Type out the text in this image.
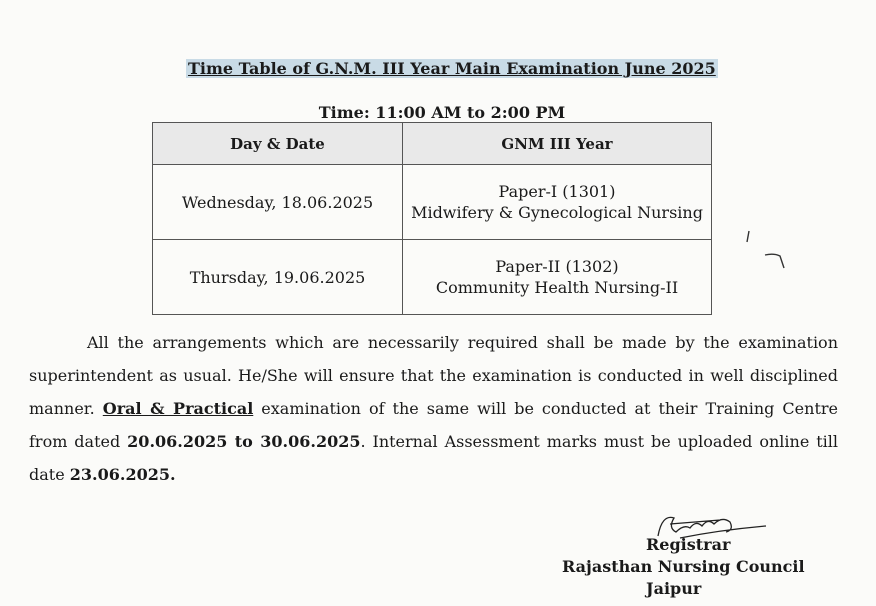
Time Table of G.N.M. III Year Main Examination June 2025
Time: 11:00 AM to 2:00 PM
Day & Date	GNM III Year
Wednesday, 18.06.2025	Paper-I (1301)
Midwifery & Gynecological Nursing

Thursday, 19.06.2025	Paper-II (1302)
Community Health Nursing-II
All the arrangements which are necessarily required shall be made by the examination superintendent as usual. He/She will ensure that the examination is conducted in well disciplined manner. Oral & Practical examination of the same will be conducted at their Training Centre from dated 20.06.2025 to 30.06.2025. Internal Assessment marks must be uploaded online till date 23.06.2025.
Registrar
Rajasthan Nursing Council
Jaipur
